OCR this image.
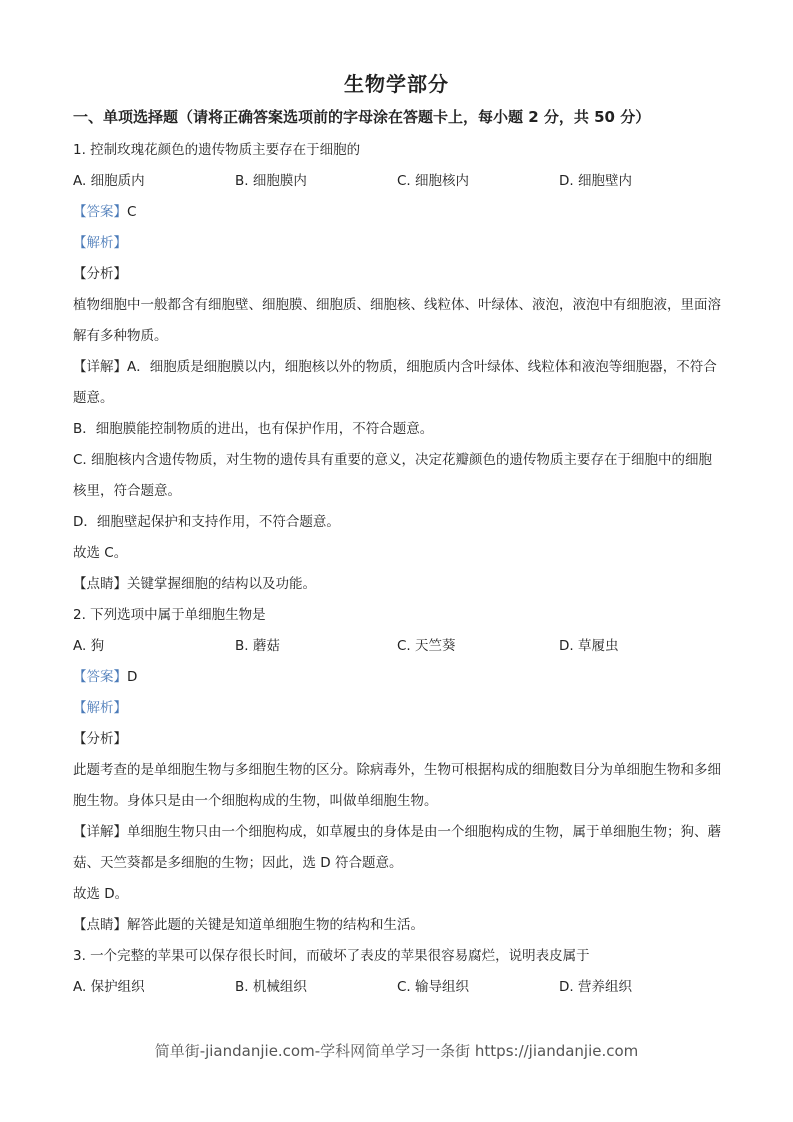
生物学部分
一、单项选择题（请将正确答案选项前的字母涂在答题卡上，每小题 2 分，共 50 分）

1. 控制玫瑰花颜色的遗传物质主要存在于细胞的

A. 细胞质内	B. 细胞膜内	C. 细胞核内	D. 细胞壁内

【答案】C

【解析】

【分析】

植物细胞中一般都含有细胞壁、细胞膜、细胞质、细胞核、线粒体、叶绿体、液泡，液泡中有细胞液，里面溶解有多种物质。

【详解】A．细胞质是细胞膜以内，细胞核以外的物质，细胞质内含叶绿体、线粒体和液泡等细胞器，不符合题意。

B．细胞膜能控制物质的进出，也有保护作用，不符合题意。

C. 细胞核内含遗传物质，对生物的遗传具有重要的意义，决定花瓣颜色的遗传物质主要存在于细胞中的细胞核里，符合题意。

D．细胞壁起保护和支持作用，不符合题意。

故选 C。

【点睛】关键掌握细胞的结构以及功能。

2. 下列选项中属于单细胞生物是

A. 狗	B. 蘑菇	C. 天竺葵	D. 草履虫

【答案】D

【解析】

【分析】

此题考查的是单细胞生物与多细胞生物的区分。除病毒外，生物可根据构成的细胞数目分为单细胞生物和多细胞生物。身体只是由一个细胞构成的生物，叫做单细胞生物。

【详解】单细胞生物只由一个细胞构成，如草履虫的身体是由一个细胞构成的生物，属于单细胞生物；狗、蘑菇、天竺葵都是多细胞的生物；因此，选 D 符合题意。

故选 D。

【点睛】解答此题的关键是知道单细胞生物的结构和生活。

3. 一个完整的苹果可以保存很长时间，而破坏了表皮的苹果很容易腐烂，说明表皮属于

A. 保护组织	B. 机械组织	C. 输导组织	D. 营养组织
简单街-jiandanjie.com-学科网简单学习一条街 https://jiandanjie.com
